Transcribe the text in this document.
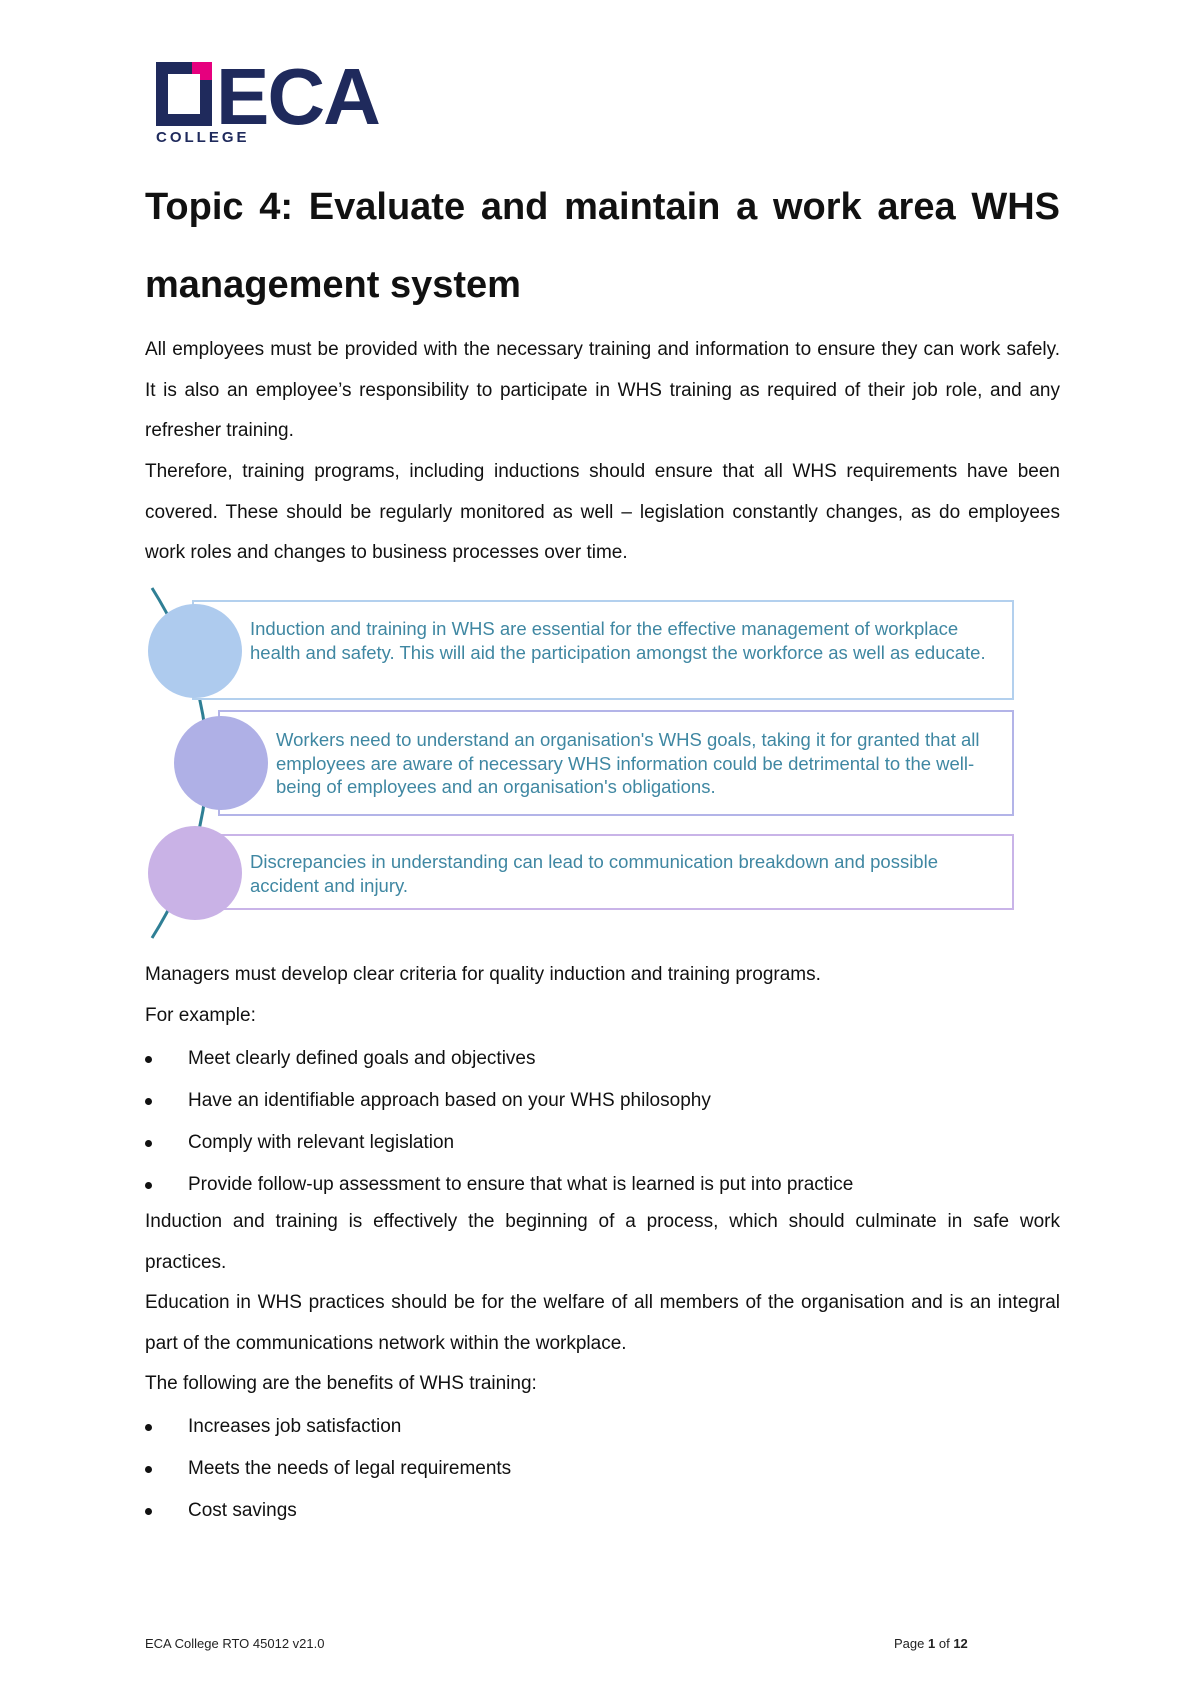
ECA
COLLEGE
Topic 4: Evaluate and maintain a work area WHS management system

All employees must be provided with the necessary training and information to ensure they can work safely. It is also an employee’s responsibility to participate in WHS training as required of their job role, and any refresher training.

Therefore, training programs, including inductions should ensure that all WHS requirements have been covered. These should be regularly monitored as well – legislation constantly changes, as do employees work roles and changes to business processes over time.

Induction and training in WHS are essential for the effective management of workplace health and safety. This will aid the participation amongst the workforce as well as educate.
Workers need to understand an organisation's WHS goals, taking it for granted that all employees are aware of necessary WHS information could be detrimental to the well-being of employees and an organisation's obligations.
Discrepancies in understanding can lead to communication breakdown and possible accident and injury.

Managers must develop clear criteria for quality induction and training programs.

For example:

Meet clearly defined goals and objectives
Have an identifiable approach based on your WHS philosophy
Comply with relevant legislation
Provide follow-up assessment to ensure that what is learned is put into practice

Induction and training is effectively the beginning of a process, which should culminate in safe work practices.

Education in WHS practices should be for the welfare of all members of the organisation and is an integral part of the communications network within the workplace.

The following are the benefits of WHS training:

Increases job satisfaction
Meets the needs of legal requirements
Cost savings
ECA College RTO 45012 v21.0	Page 1 of 12
